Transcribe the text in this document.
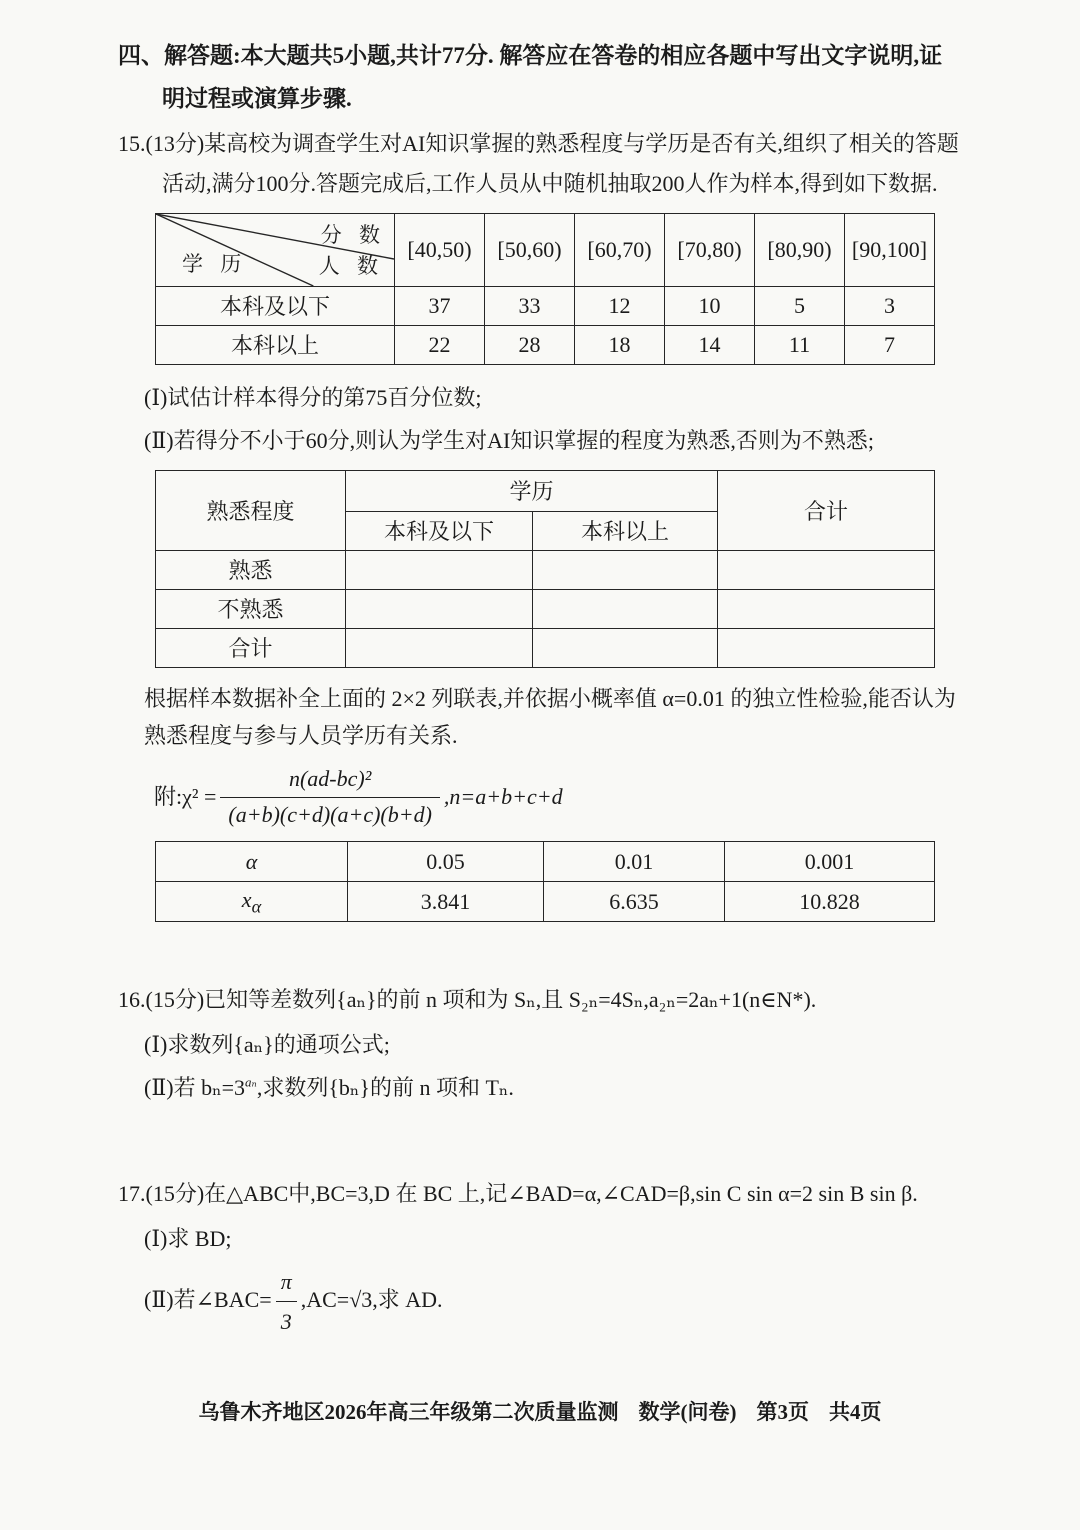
四、解答题:本大题共5小题,共计77分. 解答应在答卷的相应各题中写出文字说明,证明过程或演算步骤.

15.(13分)某高校为调查学生对AI知识掌握的熟悉程度与学历是否有关,组织了相关的答题活动,满分100分.答题完成后,工作人员从中随机抽取200人作为样本,得到如下数据.

分 数
人 数
学 历	[40,50)	[50,60)	[60,70)	[70,80)	[80,90)	[90,100]
本科及以下	37	33	12	10	5	3
本科以上	22	28	18	14	11	7

(Ⅰ)试估计样本得分的第75百分位数;

(Ⅱ)若得分不小于60分,则认为学生对AI知识掌握的程度为熟悉,否则为不熟悉;

熟悉程度	学历		合计
	本科及以下	本科以上	
熟悉			
不熟悉			
合计			

根据样本数据补全上面的 2×2 列联表,并依据小概率值 α=0.01 的独立性检验,能否认为熟悉程度与参与人员学历有关系.

附:χ² = $\frac{\text{n(ad-bc)²}}{(a+b)(c+d)(a+c)(b+d)} ,n=a+b+c+d$
α	0.05	0.01	0.001
$x_\alpha$	3.841	6.635	10.828

16.(15分)已知等差数列{aₙ}的前 n 项和为 Sₙ,且 S₂ₙ=4Sₙ,a₂ₙ=2aₙ+1(n∈N*).

(Ⅰ)求数列{aₙ}的通项公式;

(Ⅱ)若 $b_n=3^{a_n}$,求数列{bₙ}的前 n 项和 Tₙ.

17.(15分)在△ABC中,BC=3,D 在 BC 上,记∠BAD=α,∠CAD=β,sin C sin α=2 sin B sin β.

(Ⅰ)求 BD;

(Ⅱ)若∠BAC= $\frac{\pi}{3} ,AC=√3$,求 AD.

乌鲁木齐地区2026年高三年级第二次质量监测 数学(问卷) 第3页 共4页
